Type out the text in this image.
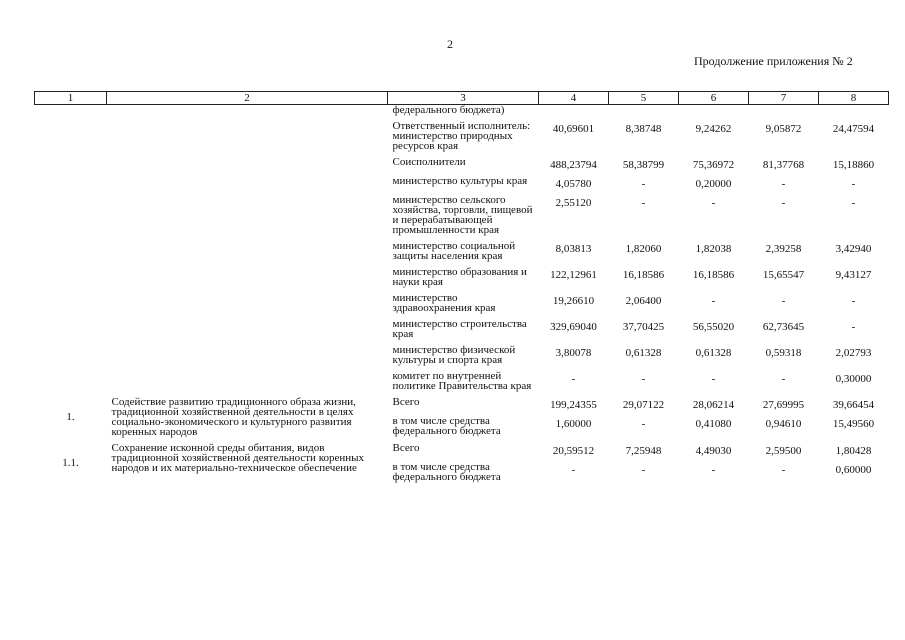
2
Продолжение приложения № 2
1	2	3	4	5	6	7	8
		федерального бюджета)					
		Ответственный исполнитель: министерство природных ресурсов края	40,69601	8,38748	9,24262	9,05872	24,47594
		Соисполнители	488,23794	58,38799	75,36972	81,37768	15,18860
		министерство культуры края	4,05780	-	0,20000	-	-
		министерство сельского хозяйства, торговли, пищевой и перерабатывающей промышленности края	2,55120	-	-	-	-
		министерство социальной защиты населения края	8,03813	1,82060	1,82038	2,39258	3,42940
		министерство образования и науки края	122,12961	16,18586	16,18586	15,65547	9,43127
		министерство здравоохранения края	19,26610	2,06400	-	-	-
		министерство строительства края	329,69040	37,70425	56,55020	62,73645	-
		министерство физической культуры и спорта края	3,80078	0,61328	0,61328	0,59318	2,02793
		комитет по внутренней политике Правительства края	-	-	-	-	0,30000
1.	Содействие развитию традиционного образа жизни, традиционной хозяйственной деятельности в целях социально-экономического и культурного развития коренных народов	Всего	199,24355	29,07122	28,06214	27,69995	39,66454
		в том числе средства федерального бюджета	1,60000	-	0,41080	0,94610	15,49560
1.1.	Сохранение исконной среды обитания, видов традиционной хозяйственной деятельности коренных народов и их материально-техническое обеспечение	Всего	20,59512	7,25948	4,49030	2,59500	1,80428
		в том числе средства федерального бюджета	-	-	-	-	0,60000
